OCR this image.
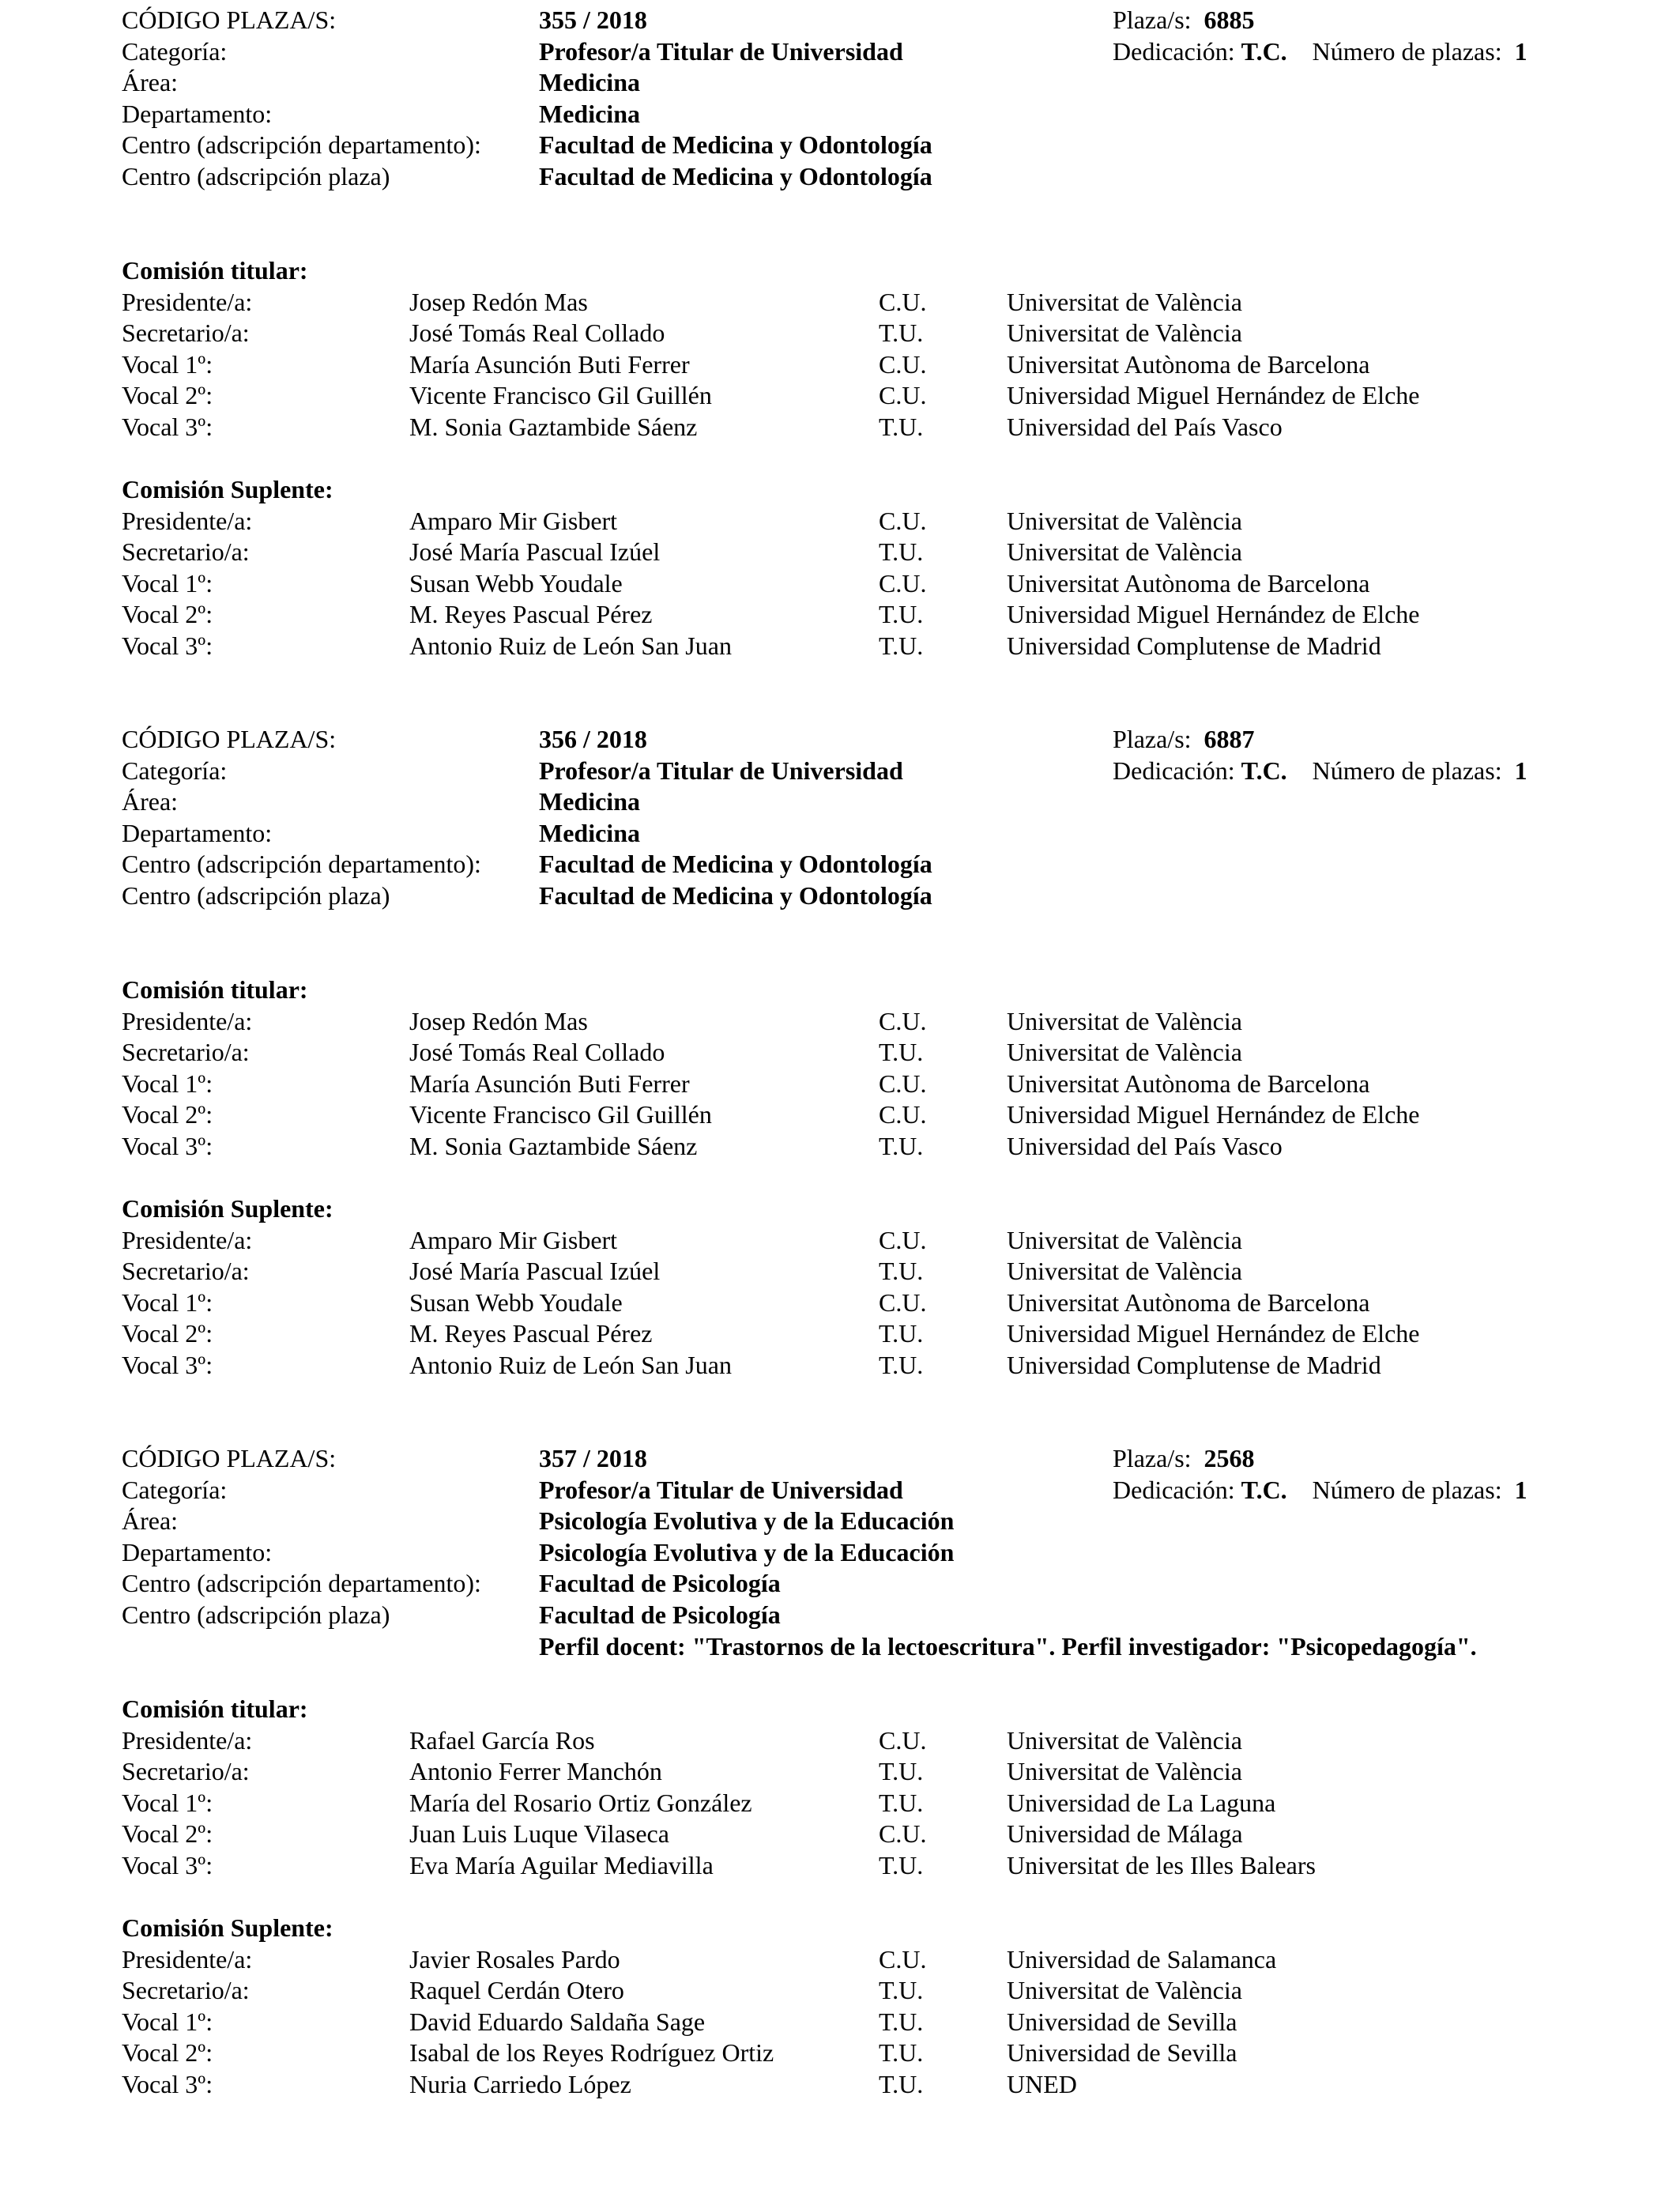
CÓDIGO PLAZA/S:	355 / 2018	Plaza/s: 6885
Categoría:	Profesor/a Titular de Universidad	Dedicación: T.C. Número de plazas: 1
Área:	Medicina
Departamento:	Medicina
Centro (adscripción departamento): Facultad de Medicina y Odontología
Centro (adscripción plaza)	Facultad de Medicina y Odontología
Comisión titular:
Presidente/a:	Josep Redón Mas	C.U.	Universitat de València
Secretario/a:	José Tomás Real Collado	T.U.	Universitat de València
Vocal 1º:	María Asunción Buti Ferrer	C.U.	Universitat Autònoma de Barcelona
Vocal 2º:	Vicente Francisco Gil Guillén	C.U.	Universidad Miguel Hernández de Elche
Vocal 3º:	M. Sonia Gaztambide Sáenz	T.U.	Universidad del País Vasco
Comisión Suplente:
Presidente/a:	Amparo Mir Gisbert	C.U.	Universitat de València
Secretario/a:	José María Pascual Izúel	T.U.	Universitat de València
Vocal 1º:	Susan Webb Youdale	C.U.	Universitat Autònoma de Barcelona
Vocal 2º:	M. Reyes Pascual Pérez	T.U.	Universidad Miguel Hernández de Elche
Vocal 3º:	Antonio Ruiz de León San Juan	T.U.	Universidad Complutense de Madrid
CÓDIGO PLAZA/S:	356 / 2018	Plaza/s: 6887
Categoría:	Profesor/a Titular de Universidad	Dedicación: T.C. Número de plazas: 1
Área:	Medicina
Departamento:	Medicina
Centro (adscripción departamento): Facultad de Medicina y Odontología
Centro (adscripción plaza)	Facultad de Medicina y Odontología
Comisión titular:
Presidente/a:	Josep Redón Mas	C.U.	Universitat de València
Secretario/a:	José Tomás Real Collado	T.U.	Universitat de València
Vocal 1º:	María Asunción Buti Ferrer	C.U.	Universitat Autònoma de Barcelona
Vocal 2º:	Vicente Francisco Gil Guillén	C.U.	Universidad Miguel Hernández de Elche
Vocal 3º:	M. Sonia Gaztambide Sáenz	T.U.	Universidad del País Vasco
Comisión Suplente:
Presidente/a:	Amparo Mir Gisbert	C.U.	Universitat de València
Secretario/a:	José María Pascual Izúel	T.U.	Universitat de València
Vocal 1º:	Susan Webb Youdale	C.U.	Universitat Autònoma de Barcelona
Vocal 2º:	M. Reyes Pascual Pérez	T.U.	Universidad Miguel Hernández de Elche
Vocal 3º:	Antonio Ruiz de León San Juan	T.U.	Universidad Complutense de Madrid
CÓDIGO PLAZA/S:	357 / 2018	Plaza/s: 2568
Categoría:	Profesor/a Titular de Universidad	Dedicación: T.C. Número de plazas: 1
Área:	Psicología Evolutiva y de la Educación
Departamento:	Psicología Evolutiva y de la Educación
Centro (adscripción departamento): Facultad de Psicología
Centro (adscripción plaza)	Facultad de Psicología
Perfil docent: "Trastornos de la lectoescritura". Perfil investigador: "Psicopedagogía".
Comisión titular:
Presidente/a:	Rafael García Ros	C.U.	Universitat de València
Secretario/a:	Antonio Ferrer Manchón	T.U.	Universitat de València
Vocal 1º:	María del Rosario Ortiz González	T.U.	Universidad de La Laguna
Vocal 2º:	Juan Luis Luque Vilaseca	C.U.	Universidad de Málaga
Vocal 3º:	Eva María Aguilar Mediavilla	T.U.	Universitat de les Illes Balears
Comisión Suplente:
Presidente/a:	Javier Rosales Pardo	C.U.	Universidad de Salamanca
Secretario/a:	Raquel Cerdán Otero	T.U.	Universitat de València
Vocal 1º:	David Eduardo Saldaña Sage	T.U.	Universidad de Sevilla
Vocal 2º:	Isabal de los Reyes Rodríguez Ortiz	T.U.	Universidad de Sevilla
Vocal 3º:	Nuria Carriedo López	T.U.	UNED
